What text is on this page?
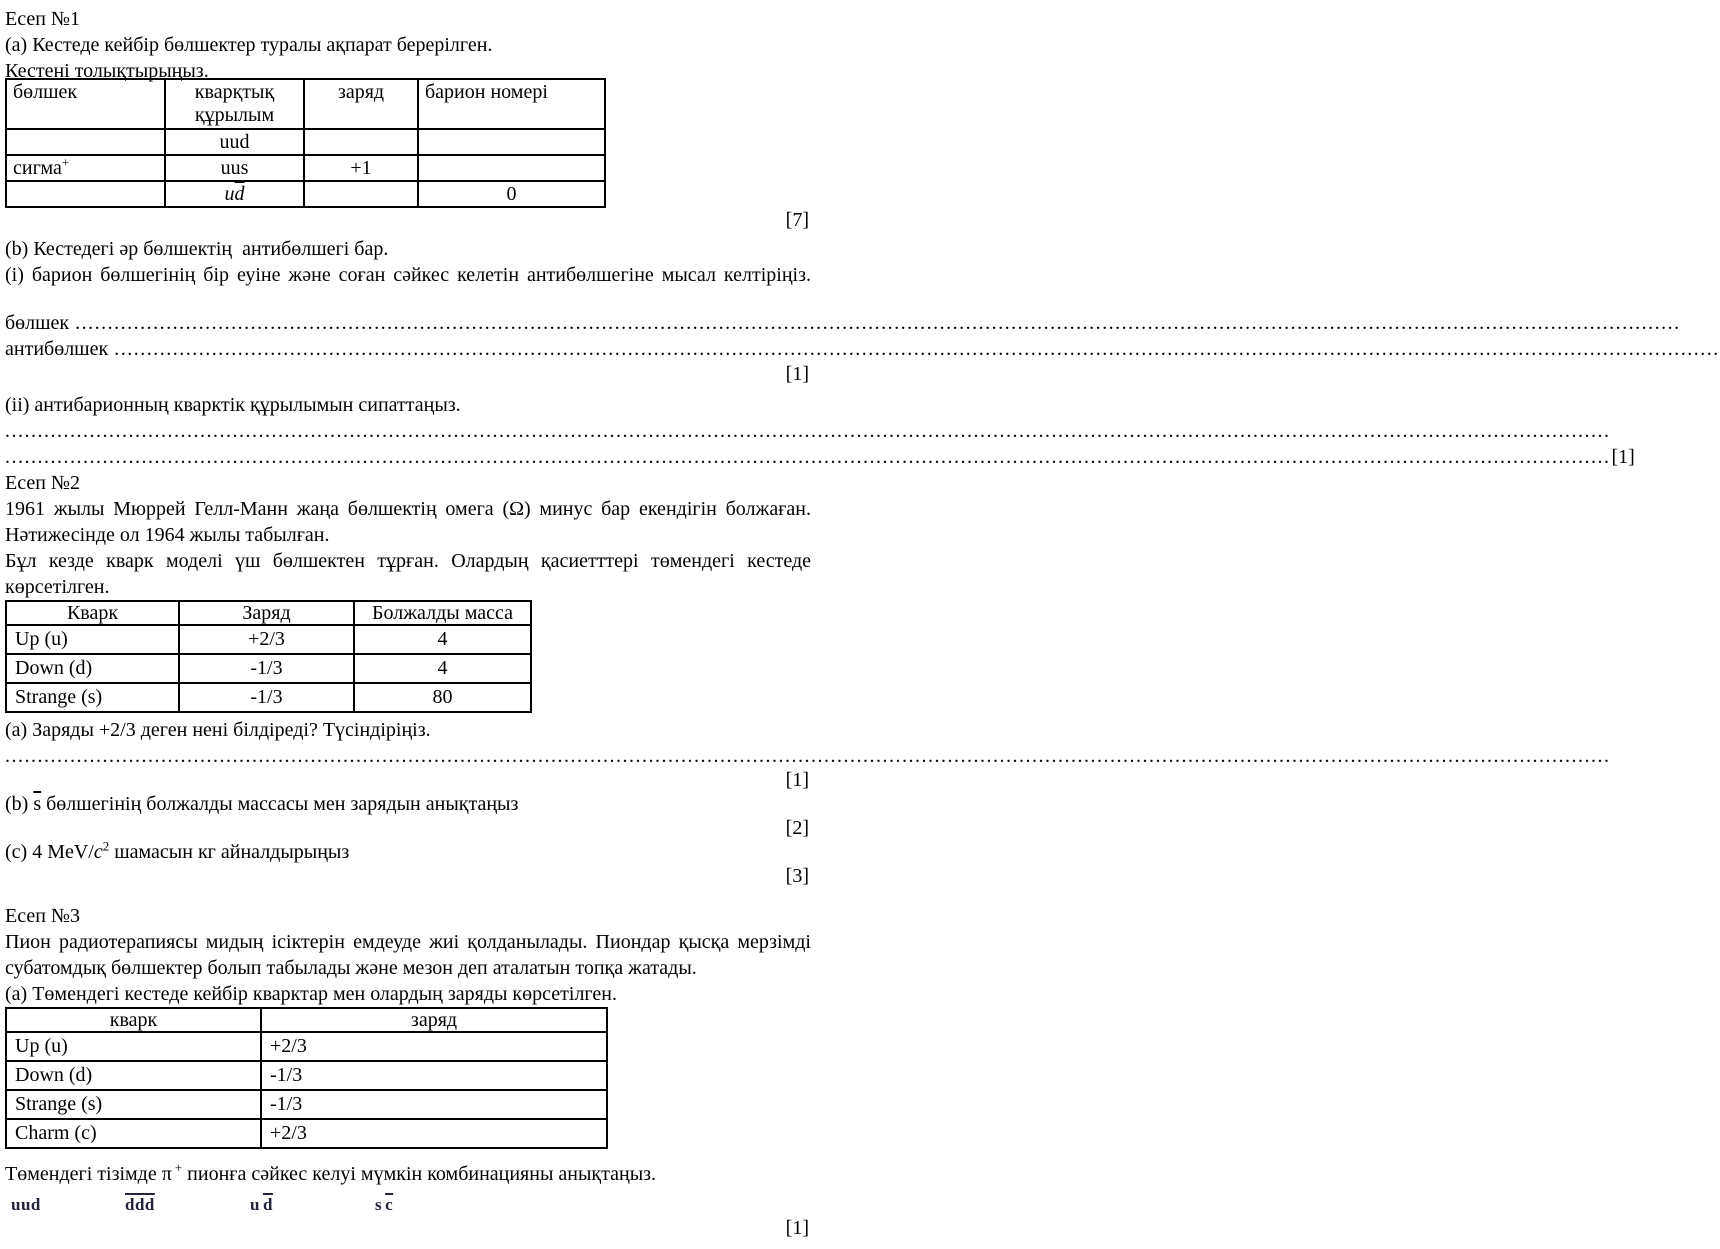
Есеп №1
(a) Кестеде кейбір бөлшектер туралы ақпарат берерілген.
Кестені толықтырыңыз.
бөлшек	кварқтық құрылым	заряд	барион номері
	uud		
сигма+	uus	+1	
	$u\overline{d}$		0
[7]
(b) Кестедегі әр бөлшектің  антибөлшегі бар.
(i) барион бөлшегінің бір еуіне және соған сәйкес келетін антибөлшегіне мысал келтіріңіз.
бөлшек .......................................................................................................................................................................................................................................................
антибөлшек .......................................................................................................................................................................................................................................................
[1]
(ii) антибарионның кварктік құрылымын сипаттаңыз.
.......................................................................................................................................................................................................................................................
....................................................................................................................................................................................................................................................... [1]
Есеп №2
1961 жылы Мюррей Гелл-Манн жаңа бөлшектің омега (Ω) минус бар екендігін болжаған.
Нәтижесінде ол 1964 жылы табылған.
Бұл кезде кварк моделі үш бөлшектен тұрған. Олардың қасиетттері төмендегі кестеде
көрсетілген.
Кварк	Заряд	Болжалды масса
Up (u)	+2/3	4
Down (d)	-1/3	4
Strange (s)	-1/3	80
(a) Заряды +2/3 деген нені білдіреді? Түсіндіріңіз.
.......................................................................................................................................................................................................................................................
[1]
(b) $\overline{s}$ бөлшегінің болжалды массасы мен зарядын анықтаңыз
[2]
(c) 4 MeV/$c^2$ шамасын кг айналдырыңыз
[3]
Есеп №3
Пион радиотерапиясы мидың ісіктерін емдеуде жиі қолданылады. Пиондар қысқа мерзімді
субатомдық бөлшектер болып табылады және мезон деп аталатын топқа жатады.
(a) Төмендегі кестеде кейбір кварктар мен олардың заряды көрсетілген.
кварк	заряд
Up (u)	+2/3
Down (d)	-1/3
Strange (s)	-1/3
Charm (c)	+2/3
Төмендегі тізімде π + пионға сәйкес келуі мүмкін комбинацияны анықтаңыз.
uud	$\overline{ddd}$	u $\overline{d}$	s $\overline{c}$
[1]
